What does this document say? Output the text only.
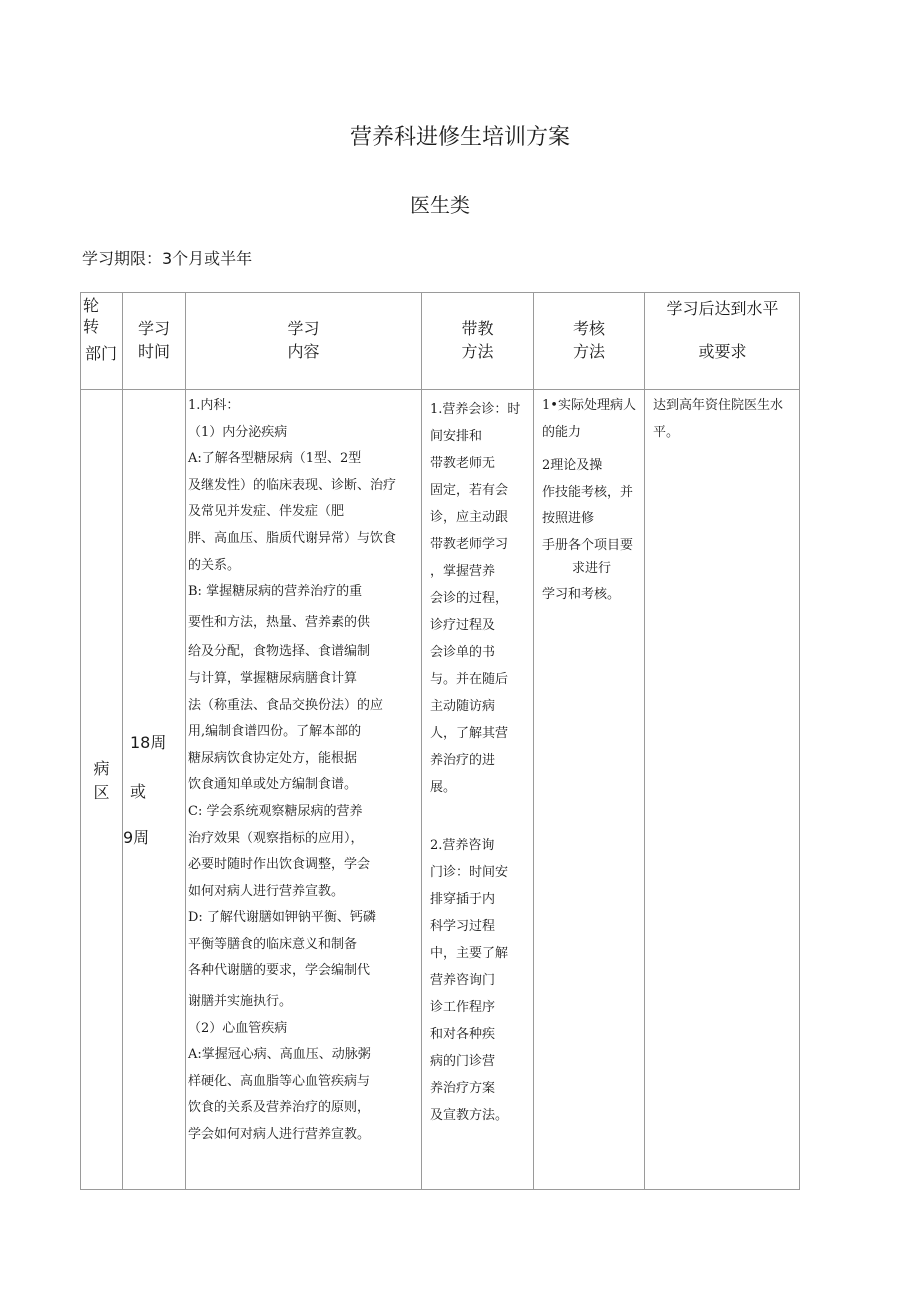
营养科进修生培训方案
医生类
学习期限：3个月或半年
轮
转
部门
学习
时间
学习
内容
带教
方法
考核
方法
学习后达到水平
或要求
病
区
18周
或
9周
1.内科：
（1）内分泌疾病
A:了解各型糖尿病（1型、2型
及继发性）的临床表现、诊断、治疗
及常见并发症、伴发症（肥
胖、高血压、脂质代谢异常）与饮食
的关系。
B: 掌握糖尿病的营养治疗的重
要性和方法，热量、营养素的供
给及分配，食物选择、食谱编制
与计算，掌握糖尿病膳食计算
法（称重法、食品交换份法）的应
用,编制食谱四份。了解本部的
糖尿病饮食协定处方，能根据
饮食通知单或处方编制食谱。
C: 学会系统观察糖尿病的营养
治疗效果（观察指标的应用），
必要时随时作出饮食调整，学会
如何对病人进行营养宣教。
D: 了解代谢膳如钾钠平衡、钙磷
平衡等膳食的临床意义和制备
各种代谢膳的要求，学会编制代
谢膳并实施执行。
（2）心血管疾病
A:掌握冠心病、高血压、动脉粥
样硬化、高血脂等心血管疾病与
饮食的关系及营养治疗的原则，
学会如何对病人进行营养宣教。
1.营养会诊：时
间安排和
带教老师无
固定，若有会
诊，应主动跟
带教老师学习
，掌握营养
会诊的过程，
诊疗过程及
会诊单的书
与。并在随后
主动随访病
人，了解其营
养治疗的进
展。
2.营养咨询
门诊：时间安
排穿插于内
科学习过程
中，主要了解
营养咨询门
诊工作程序
和对各种疾
病的门诊营
养治疗方案
及宣教方法。
1•实际处理病人
的能力
2理论及操
作技能考核，并
按照进修
手册各个项目要
求进行
学习和考核。
达到高年资住院医生水
平。
